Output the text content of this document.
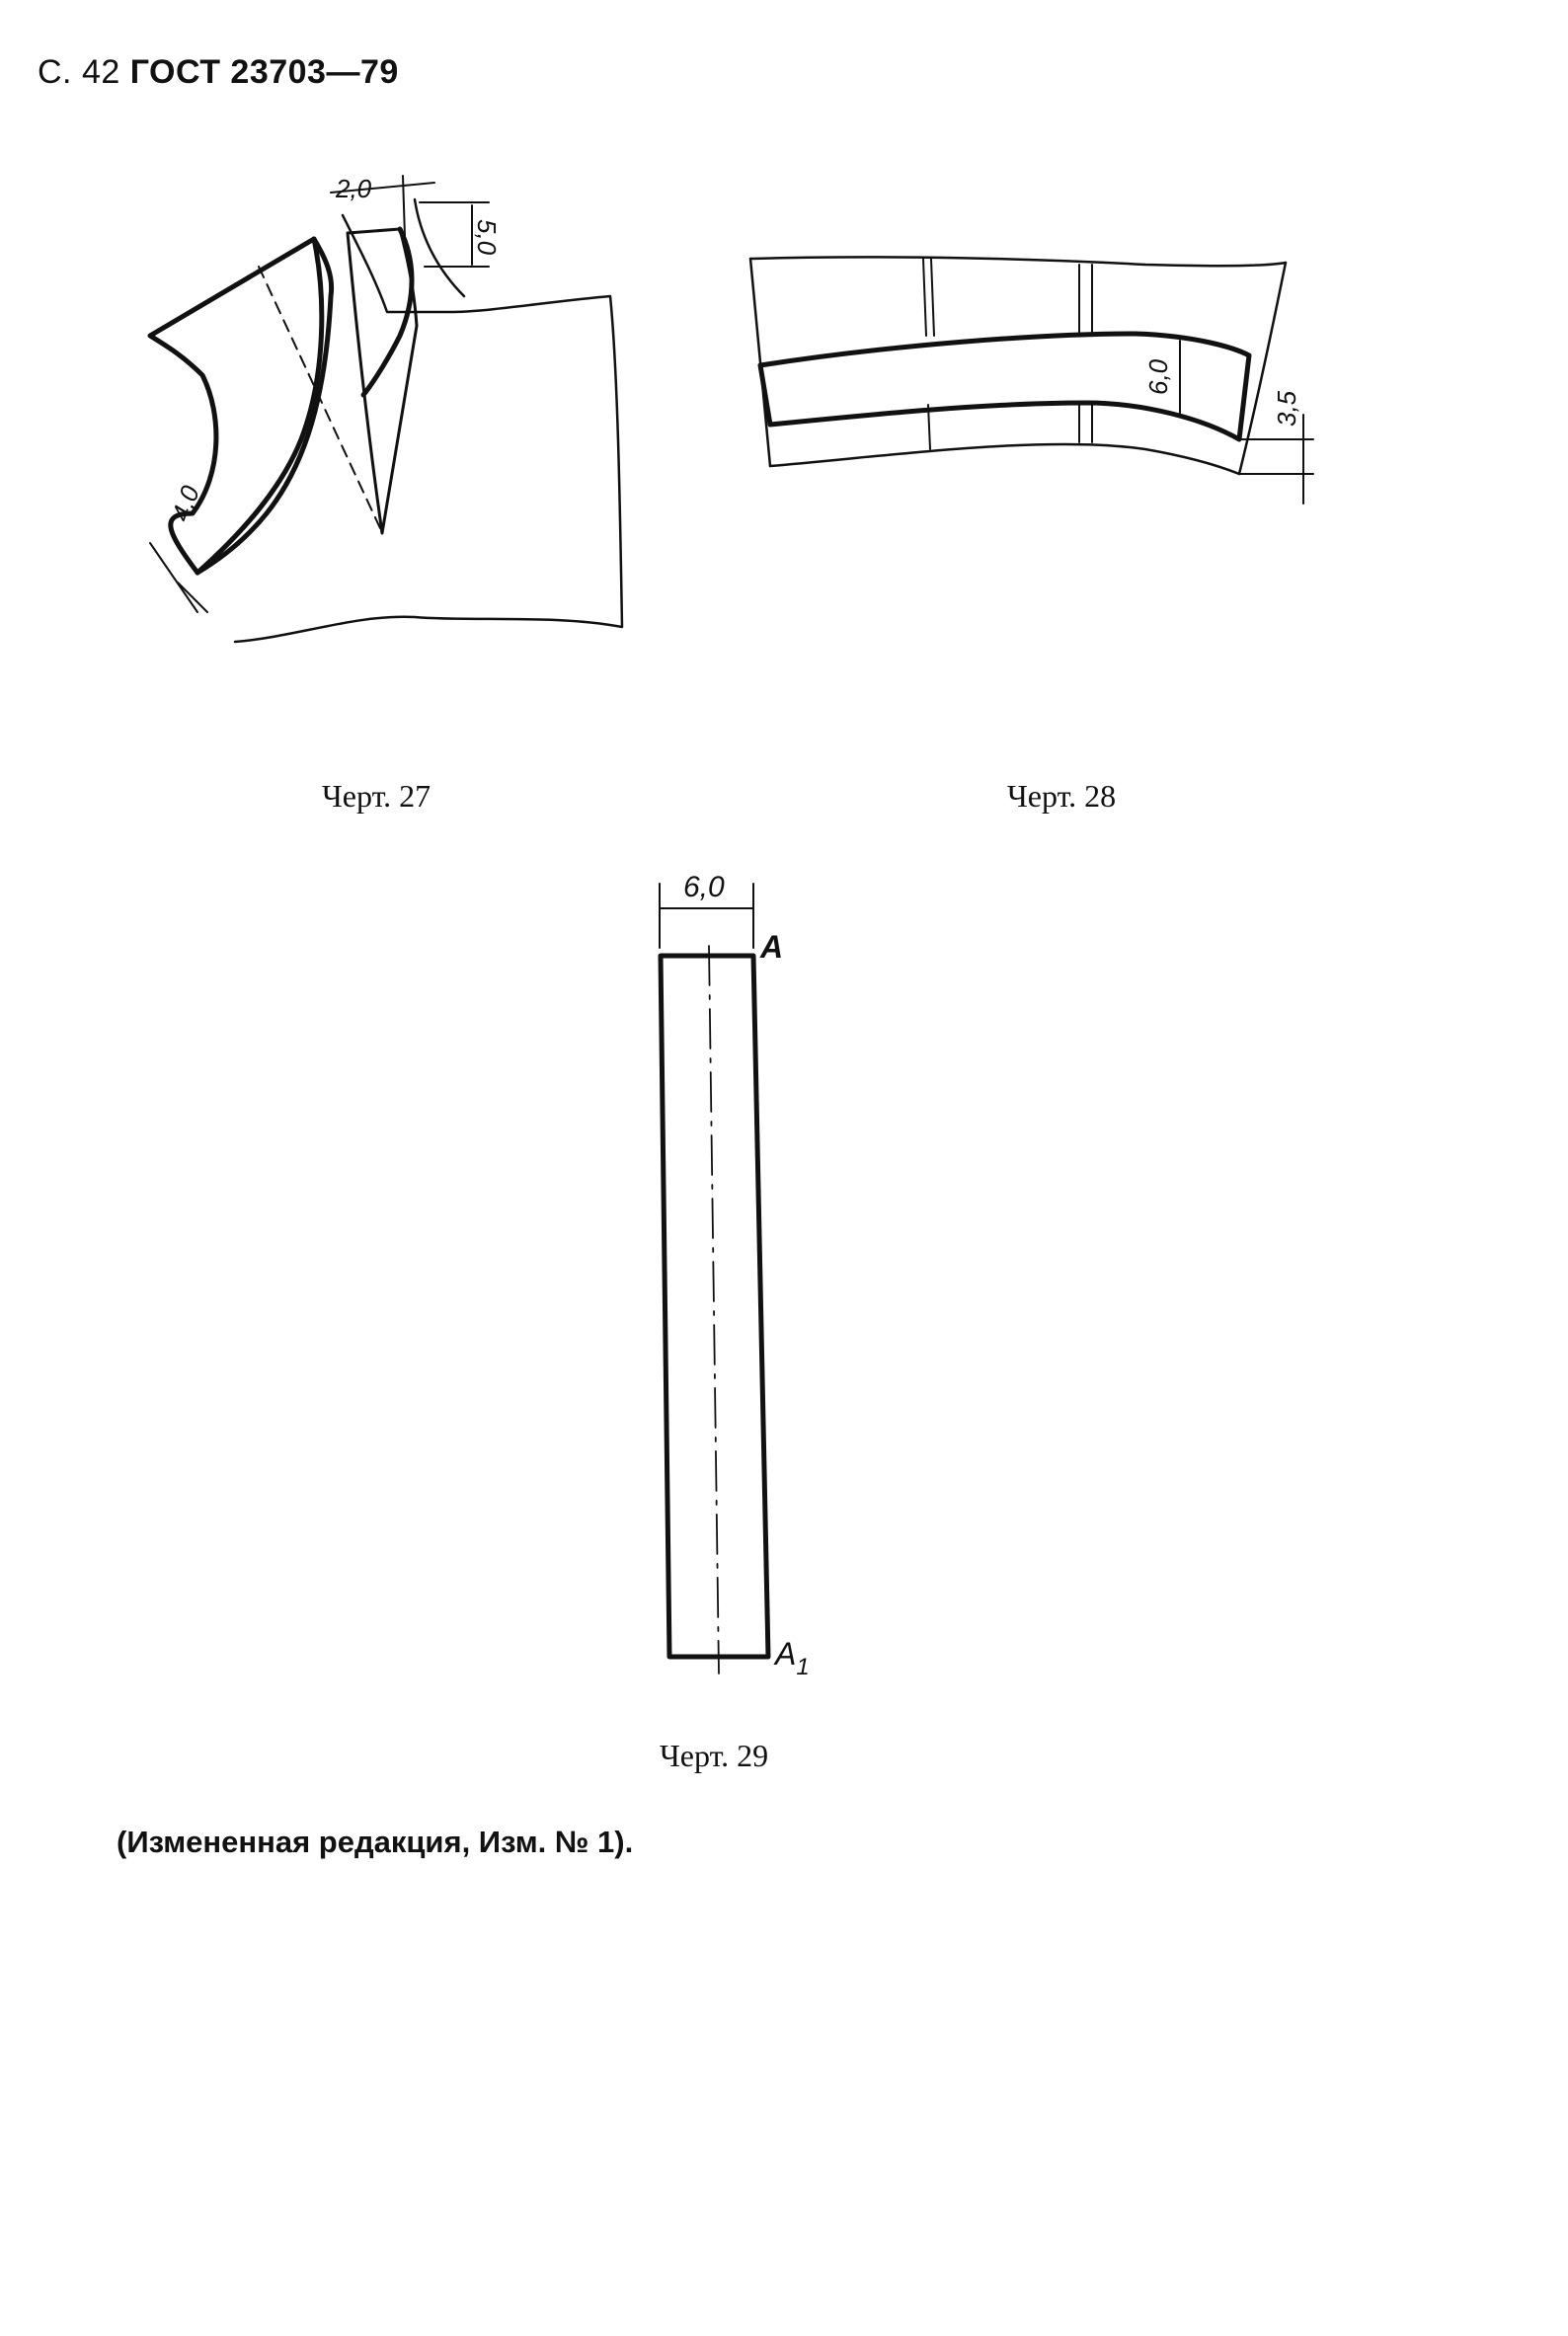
С. 42 ГОСТ 23703—79
2,0
5,0
4,0
6,0
3,5
6,0
A
$A_1$
Черт. 27	Черт. 28
Черт. 29
(Измененная редакция, Изм. № 1).
